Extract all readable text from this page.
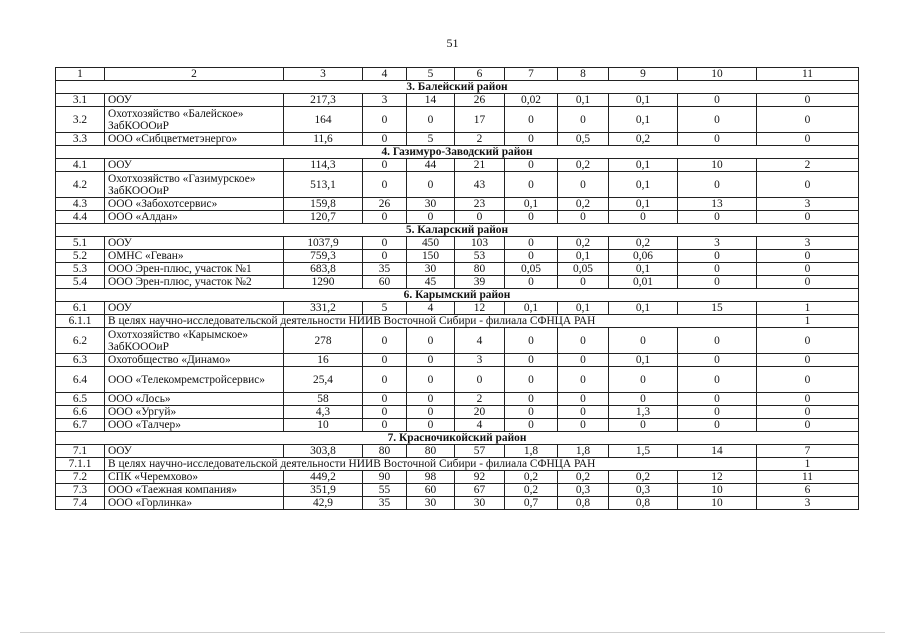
51
1	2	3	4	5	6	7	8	9	10	11
3. Балейский район										
3.1	ООУ	217,3	3	14	26	0,02	0,1	0,1	0	0
3.2	Охотхозяйство «Балейское» ЗабКОООиР	164	0	0	17	0	0	0,1	0	0
3.3	ООО «Сибцветметэнерго»	11,6	0	5	2	0	0,5	0,2	0	0
4. Газимуро-Заводский район										
4.1	ООУ	114,3	0	44	21	0	0,2	0,1	10	2
4.2	Охотхозяйство «Газимурское» ЗабКОООиР	513,1	0	0	43	0	0	0,1	0	0
4.3	ООО «Забохотсервис»	159,8	26	30	23	0,1	0,2	0,1	13	3
4.4	ООО «Алдан»	120,7	0	0	0	0	0	0	0	0
5. Каларский район										
5.1	ООУ	1037,9	0	450	103	0	0,2	0,2	3	3
5.2	ОМНС «Геван»	759,3	0	150	53	0	0,1	0,06	0	0
5.3	ООО Эрен-плюс, участок №1	683,8	35	30	80	0,05	0,05	0,1	0	0
5.4	ООО Эрен-плюс, участок №2	1290	60	45	39	0	0	0,01	0	0
6. Карымский район										
6.1	ООУ	331,2	5	4	12	0,1	0,1	0,1	15	1
6.1.1	В целях научно-исследовательской деятельности НИИВ Восточной Сибири - филиала СФНЦА РАН									1
6.2	Охотхозяйство «Карымское» ЗабКОООиР	278	0	0	4	0	0	0	0	0
6.3	Охотобщество «Динамо»	16	0	0	3	0	0	0,1	0	0
6.4	ООО «Телекомремстройсервис»	25,4	0	0	0	0	0	0	0	0
6.5	ООО «Лось»	58	0	0	2	0	0	0	0	0
6.6	ООО «Ургуй»	4,3	0	0	20	0	0	1,3	0	0
6.7	ООО «Талчер»	10	0	0	4	0	0	0	0	0
7. Красночикойский район										
7.1	ООУ	303,8	80	80	57	1,8	1,8	1,5	14	7
7.1.1	В целях научно-исследовательской деятельности НИИВ Восточной Сибири - филиала СФНЦА РАН									1
7.2	СПК «Черемхово»	449,2	90	98	92	0,2	0,2	0,2	12	11
7.3	ООО «Таежная компания»	351,9	55	60	67	0,2	0,3	0,3	10	6
7.4	ООО «Горлинка»	42,9	35	30	30	0,7	0,8	0,8	10	3
